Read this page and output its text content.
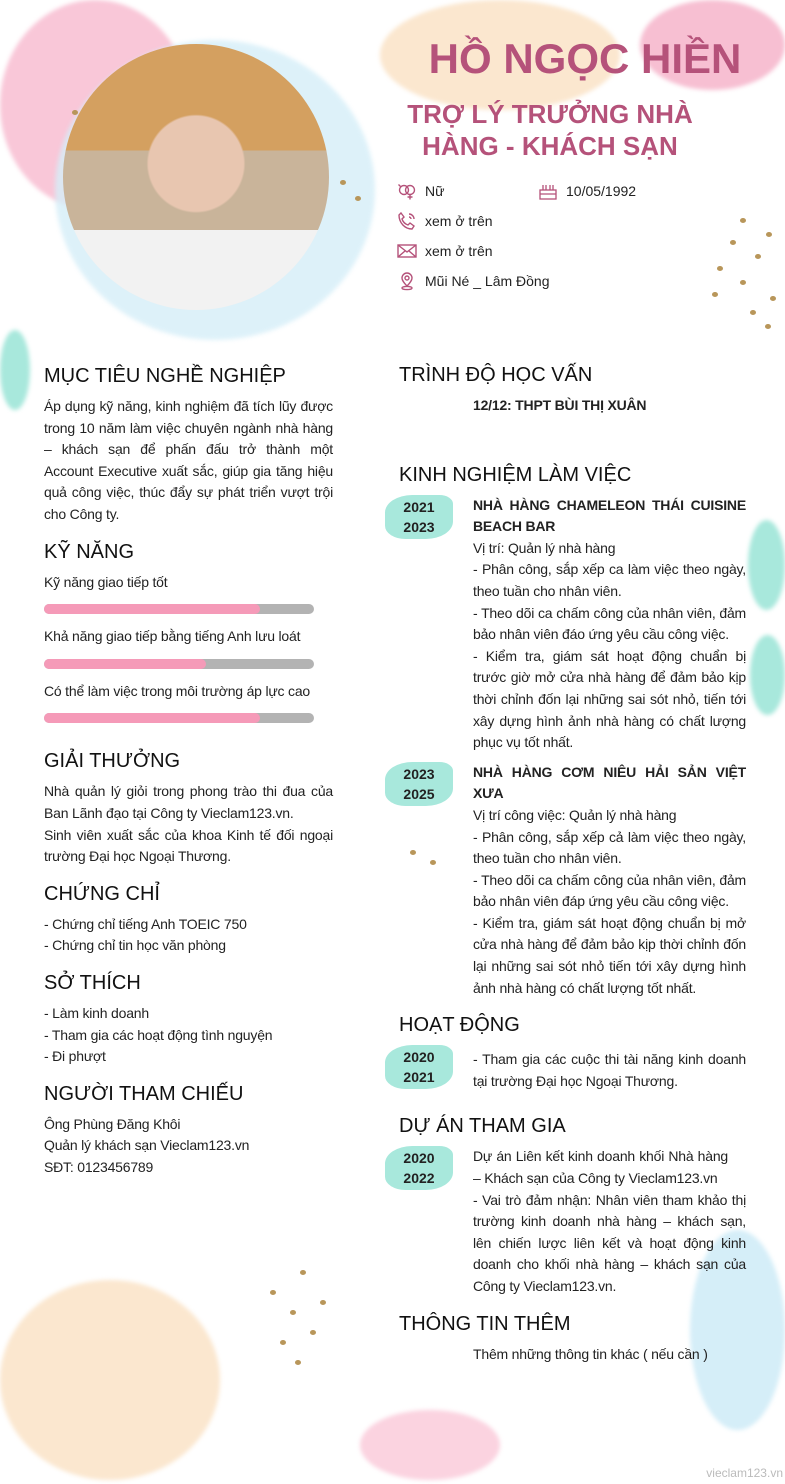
HỒ NGỌC HIỀN
TRỢ LÝ TRƯỞNG NHÀ HÀNG - KHÁCH SẠN
Nữ	10/05/1992
xem ở trên
xem ở trên
Mũi Né _ Lâm Đồng
MỤC TIÊU NGHỀ NGHIỆP
Áp dụng kỹ năng, kinh nghiệm đã tích lũy được trong 10 năm làm việc chuyên ngành nhà hàng – khách sạn để phấn đấu trở thành một Account Executive xuất sắc, giúp gia tăng hiệu quả công việc, thúc đẩy sự phát triển vượt trội cho Công ty.
KỸ NĂNG
Kỹ năng giao tiếp tốt
Khả năng giao tiếp bằng tiếng Anh lưu loát
Có thể làm việc trong môi trường áp lực cao
GIẢI THƯỞNG
Nhà quản lý giỏi trong phong trào thi đua của Ban Lãnh đạo tại Công ty Vieclam123.vn.
Sinh viên xuất sắc của khoa Kinh tế đối ngoại trường Đại học Ngoại Thương.
CHỨNG CHỈ
- Chứng chỉ tiếng Anh TOEIC 750
- Chứng chỉ tin học văn phòng
SỞ THÍCH
- Làm kinh doanh
- Tham gia các hoạt động tình nguyện
- Đi phượt
NGƯỜI THAM CHIẾU
Ông Phùng Đăng Khôi
Quản lý khách sạn Vieclam123.vn
SĐT: 0123456789
TRÌNH ĐỘ HỌC VẤN
12/12: THPT BÙI THỊ XUÂN
KINH NGHIỆM LÀM VIỆC
2021
2023
NHÀ HÀNG CHAMELEON THÁI CUISINE BEACH BAR
Vị trí: Quản lý nhà hàng
- Phân công, sắp xếp ca làm việc theo ngày, theo tuần cho nhân viên.
- Theo dõi ca chấm công của nhân viên, đảm bảo nhân viên đáo ứng yêu cầu công việc.
- Kiểm tra, giám sát hoạt động chuẩn bị trước giờ mở cửa nhà hàng để đảm bảo kịp thời chỉnh đốn lại những sai sót nhỏ, tiến tới xây dựng hình ảnh nhà hàng có chất lượng phục vụ tốt nhất.
2023
2025
NHÀ HÀNG CƠM NIÊU HẢI SẢN VIỆT XƯA
Vị trí công việc: Quản lý nhà hàng
- Phân công, sắp xếp cả làm việc theo ngày, theo tuần cho nhân viên.
- Theo dõi ca chấm công của nhân viên, đảm bảo nhân viên đáp ứng yêu cầu công việc.
- Kiểm tra, giám sát hoạt động chuẩn bị mở cửa nhà hàng để đảm bảo kịp thời chỉnh đốn lại những sai sót nhỏ tiến tới xây dựng hình ảnh nhà hàng có chất lượng tốt nhất.
HOẠT ĐỘNG
2020
2021
- Tham gia các cuộc thi tài năng kinh doanh tại trường Đại học Ngoại Thương.
DỰ ÁN THAM GIA
2020
2022
Dự án Liên kết kinh doanh khối Nhà hàng – Khách sạn của Công ty Vieclam123.vn
- Vai trò đảm nhận: Nhân viên tham khảo thị trường kinh doanh nhà hàng – khách sạn, lên chiến lược liên kết và hoạt động kinh doanh cho khối nhà hàng – khách sạn của Công ty Vieclam123.vn.
THÔNG TIN THÊM
Thêm những thông tin khác ( nếu cần )
vieclam123.vn
